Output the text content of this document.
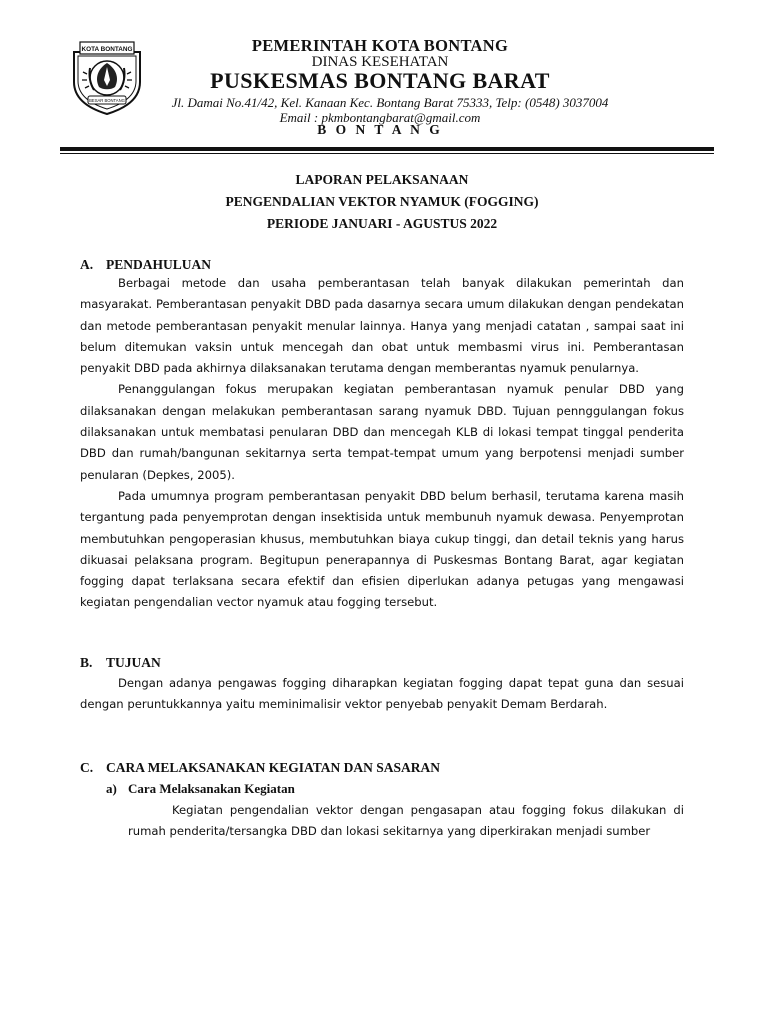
KOTA BONTANG
BESAR BONTANG
PEMERINTAH KOTA BONTANG
DINAS KESEHATAN
PUSKESMAS BONTANG BARAT
Jl. Damai No.41/42, Kel. Kanaan Kec. Bontang Barat 75333, Telp: (0548) 3037004
Email : pkmbontangbarat@gmail.com
B O N T A N G
LAPORAN PELAKSANAAN
PENGENDALIAN VEKTOR NYAMUK (FOGGING)
PERIODE JANUARI - AGUSTUS 2022
A. PENDAHULUAN

Berbagai metode dan usaha pemberantasan telah banyak dilakukan pemerintah dan masyarakat. Pemberantasan penyakit DBD pada dasarnya secara umum dilakukan dengan pendekatan dan metode pemberantasan penyakit menular lainnya. Hanya yang menjadi catatan , sampai saat ini belum ditemukan vaksin untuk mencegah dan obat untuk membasmi virus ini. Pemberantasan penyakit DBD pada akhirnya dilaksanakan terutama dengan memberantas nyamuk penularnya.

Penanggulangan fokus merupakan kegiatan pemberantasan nyamuk penular DBD yang dilaksanakan dengan melakukan pemberantasan sarang nyamuk DBD. Tujuan pennggulangan fokus dilaksanakan untuk membatasi penularan DBD dan mencegah KLB di lokasi tempat tinggal penderita DBD dan rumah/bangunan sekitarnya serta tempat-tempat umum yang berpotensi menjadi sumber penularan (Depkes, 2005).

Pada umumnya program pemberantasan penyakit DBD belum berhasil, terutama karena masih tergantung pada penyemprotan dengan insektisida untuk membunuh nyamuk dewasa. Penyemprotan membutuhkan pengoperasian khusus, membutuhkan biaya cukup tinggi, dan detail teknis yang harus dikuasai pelaksana program. Begitupun penerapannya di Puskesmas Bontang Barat, agar kegiatan fogging dapat terlaksana secara efektif dan efisien diperlukan adanya petugas yang mengawasi kegiatan pengendalian vector nyamuk atau fogging tersebut.

B. TUJUAN

Dengan adanya pengawas fogging diharapkan kegiatan fogging dapat tepat guna dan sesuai dengan peruntukkannya yaitu meminimalisir vektor penyebab penyakit Demam Berdarah.

C. CARA MELAKSANAKAN KEGIATAN DAN SASARAN
a) Cara Melaksanakan Kegiatan

Kegiatan pengendalian vektor dengan pengasapan atau fogging fokus dilakukan di rumah penderita/tersangka DBD dan lokasi sekitarnya yang diperkirakan menjadi sumber
